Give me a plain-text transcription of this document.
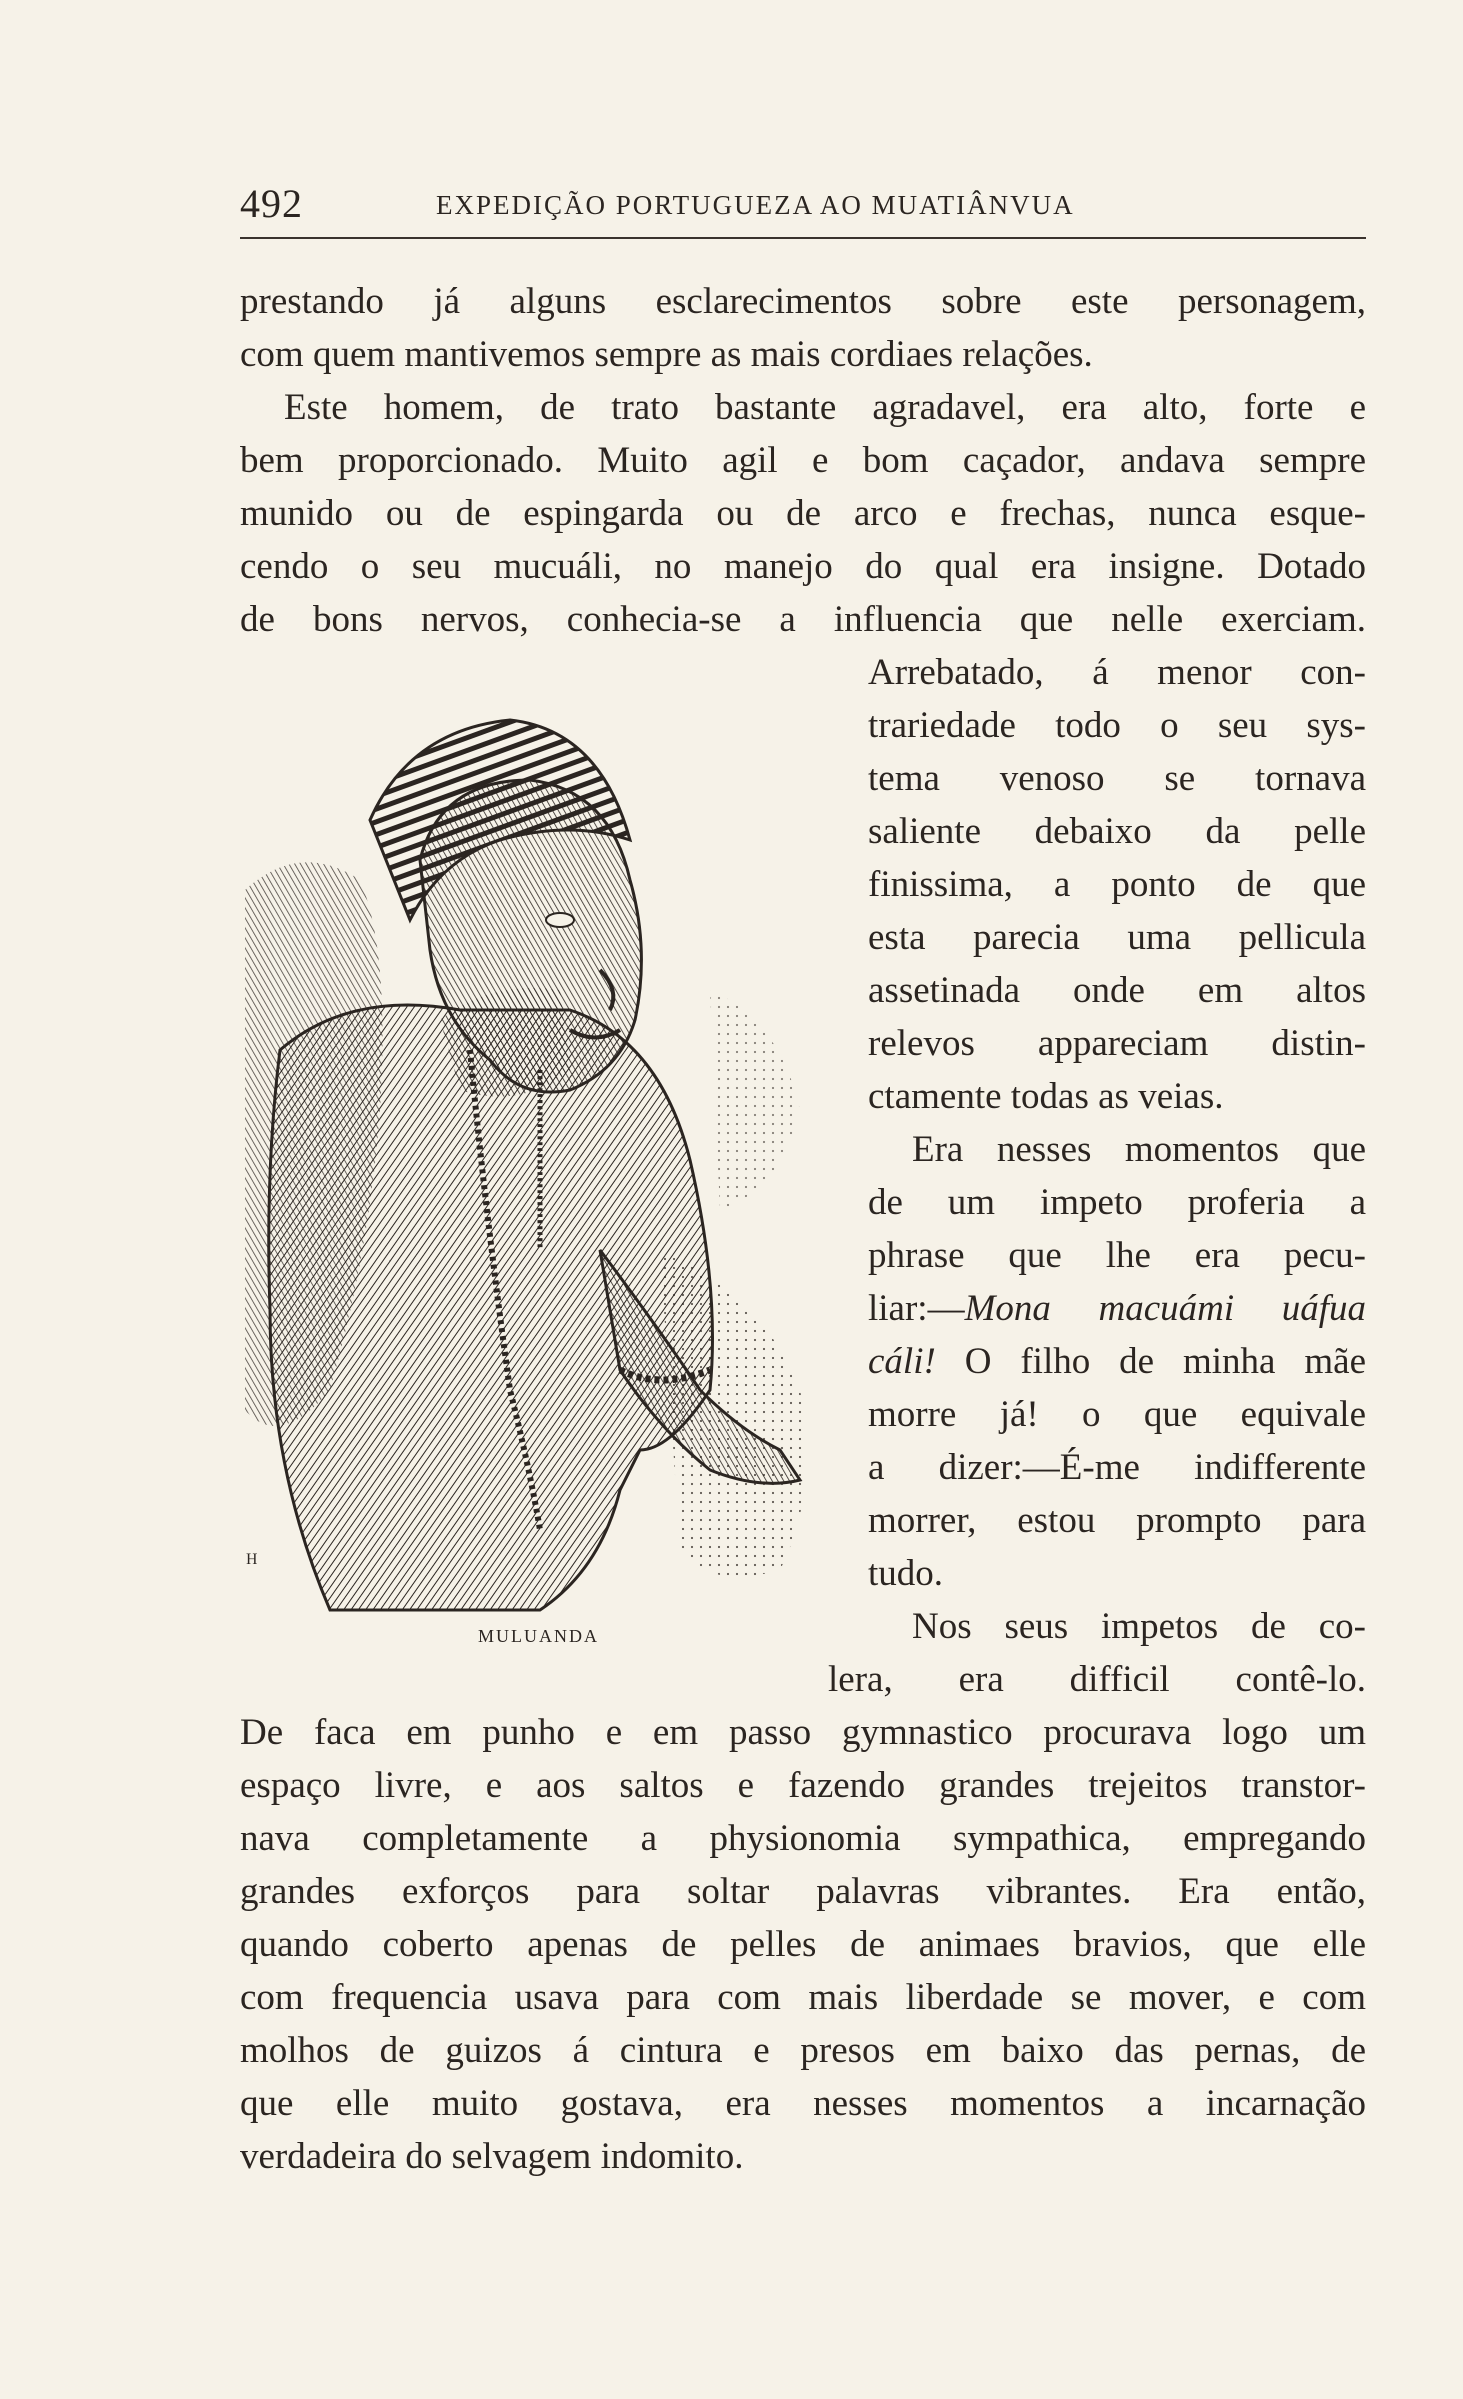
492	EXPEDIÇÃO PORTUGUEZA AO MUATIÂNVUA
prestando já alguns esclarecimentos sobre este personagem,
com quem mantivemos sempre as mais cordiaes relações.
Este homem, de trato bastante agradavel, era alto, forte e
bem proporcionado. Muito agil e bom caçador, andava sempre
munido ou de espingarda ou de arco e frechas, nunca esque-
cendo o seu mucuáli, no manejo do qual era insigne. Dotado
de bons nervos, conhecia-se a influencia que nelle exerciam.
ᴴ
MULUANDA
Arrebatado, á menor con-
trariedade todo o seu sys-
tema venoso se tornava
saliente debaixo da pelle
finissima, a ponto de que
esta parecia uma pellicula
assetinada onde em altos
relevos appareciam distin-
ctamente todas as veias.
Era nesses momentos que
de um impeto proferia a
phrase que lhe era pecu-
liar:—Mona macuámi uáfua
cáli! O filho de minha mãe
morre já! o que equivale
a dizer:—É-me indifferente
morrer, estou prompto para
tudo.
Nos seus impetos de co-
lera, era difficil contê-lo.
De faca em punho e em passo gymnastico procurava logo um
espaço livre, e aos saltos e fazendo grandes trejeitos transtor-
nava completamente a physionomia sympathica, empregando
grandes exforços para soltar palavras vibrantes. Era então,
quando coberto apenas de pelles de animaes bravios, que elle
com frequencia usava para com mais liberdade se mover, e com
molhos de guizos á cintura e presos em baixo das pernas, de
que elle muito gostava, era nesses momentos a incarnação
verdadeira do selvagem indomito.
